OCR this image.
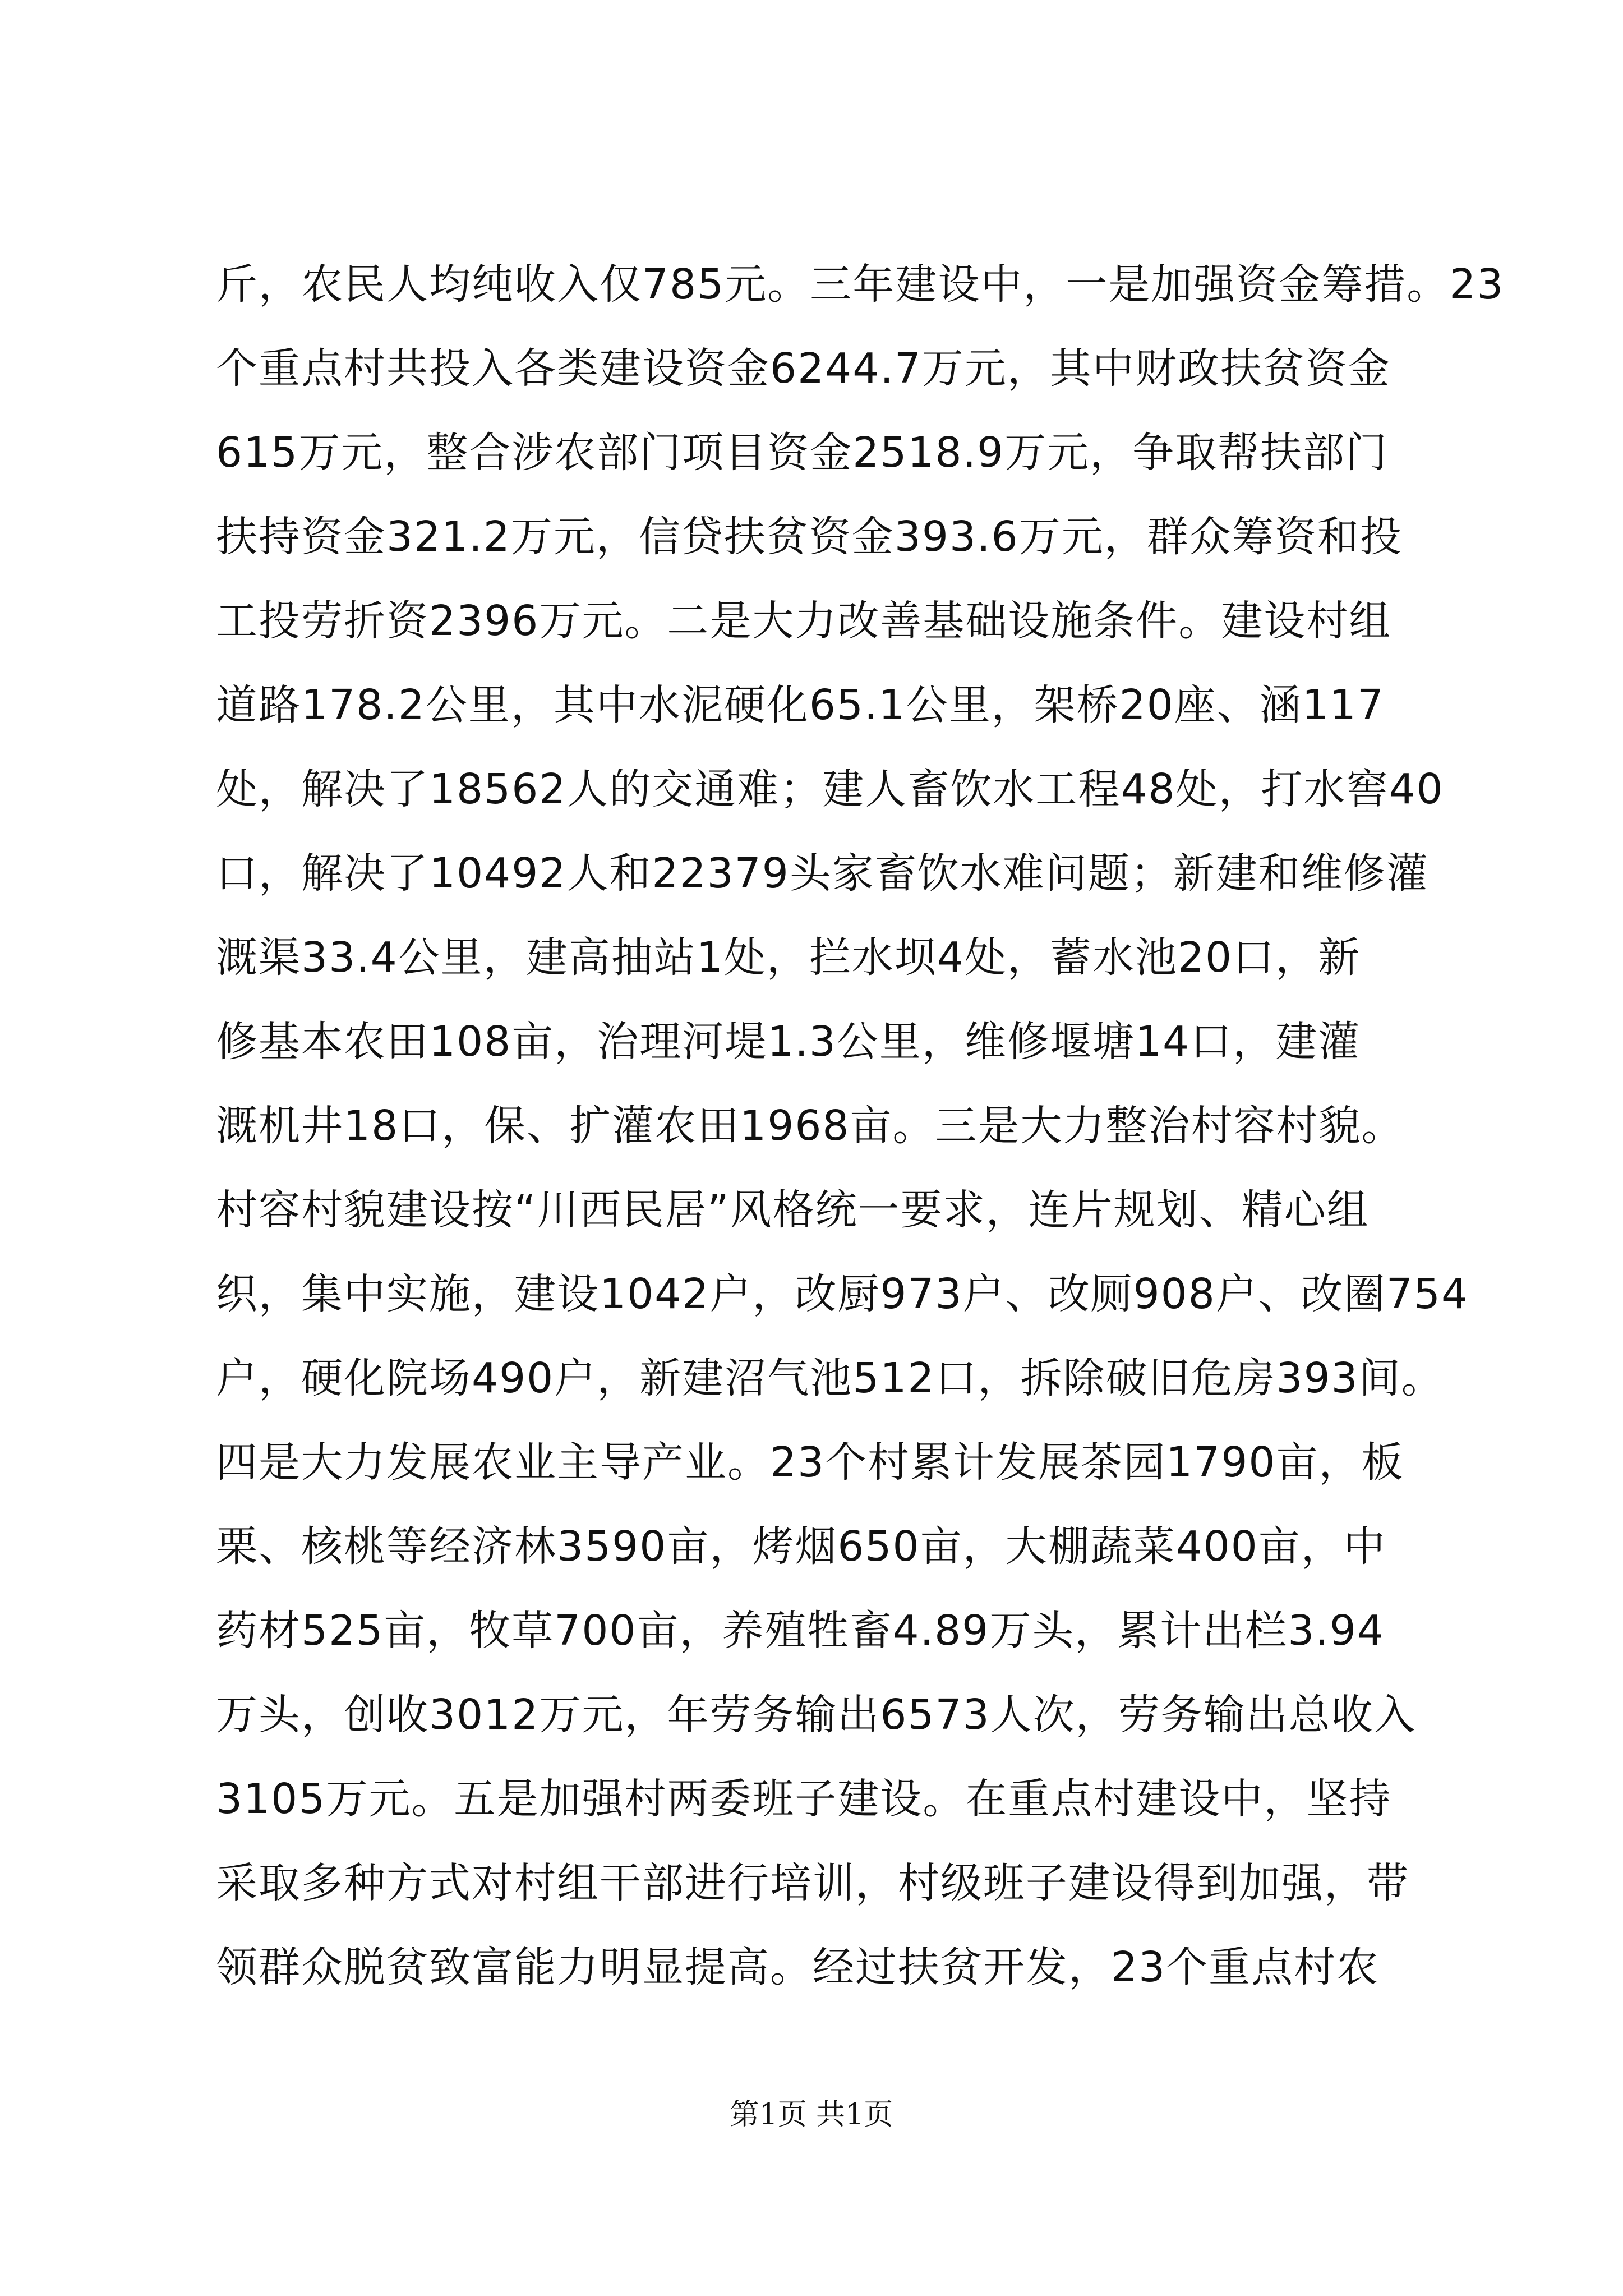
斤，农民人均纯收入仅785元。三年建设中，一是加强资金筹措。23
个重点村共投入各类建设资金6244.7万元，其中财政扶贫资金
615万元，整合涉农部门项目资金2518.9万元，争取帮扶部门
扶持资金321.2万元，信贷扶贫资金393.6万元，群众筹资和投
工投劳折资2396万元。二是大力改善基础设施条件。建设村组
道路178.2公里，其中水泥硬化65.1公里，架桥20座、涵117
处，解决了18562人的交通难；建人畜饮水工程48处，打水窖40
口，解决了10492人和22379头家畜饮水难问题；新建和维修灌
溉渠33.4公里，建高抽站1处，拦水坝4处，蓄水池20口，新
修基本农田108亩，治理河堤1.3公里，维修堰塘14口，建灌
溉机井18口，保、扩灌农田1968亩。三是大力整治村容村貌。
村容村貌建设按“川西民居”风格统一要求，连片规划、精心组
织，集中实施，建设1042户，改厨973户、改厕908户、改圈754
户，硬化院场490户，新建沼气池512口，拆除破旧危房393间。
四是大力发展农业主导产业。23个村累计发展茶园1790亩，板
栗、核桃等经济林3590亩，烤烟650亩，大棚蔬菜400亩，中
药材525亩，牧草700亩，养殖牲畜4.89万头，累计出栏3.94
万头，创收3012万元，年劳务输出6573人次，劳务输出总收入
3105万元。五是加强村两委班子建设。在重点村建设中，坚持
采取多种方式对村组干部进行培训，村级班子建设得到加强，带
领群众脱贫致富能力明显提高。经过扶贫开发，23个重点村农
第1页 共1页
